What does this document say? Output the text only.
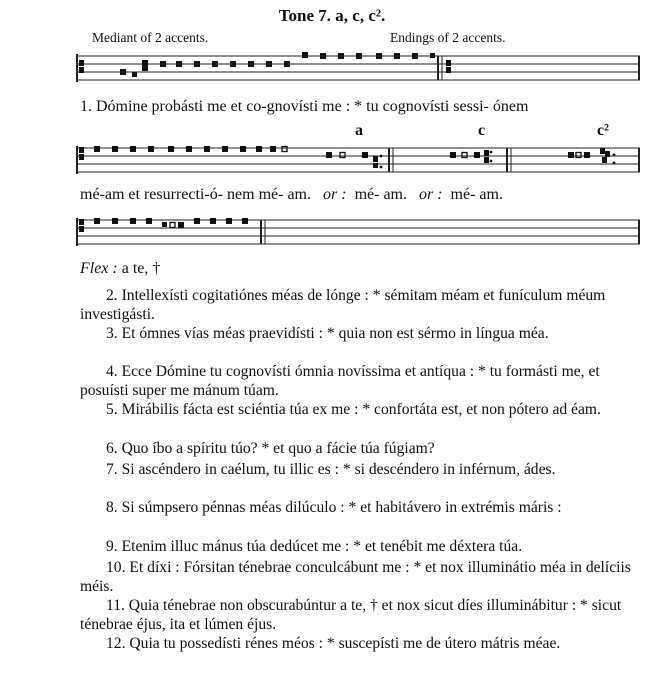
Tone 7. a, c, c².
Mediant of 2 accents.	Endings of 2 accents.
1. Dómine probásti me et co-gnovísti me : * tu cognovísti sessi- ónem
a	c	c²
mé-am et resurrecti-ó- nem mé- am. or : mé- am. or : mé- am.
Flex : a te, †
2. Intellexísti cogitatiónes méas de lónge : * sémitam méam et funículum méum investigásti.
3. Et ómnes vías méas praevidísti : * quia non est sérmo in língua méa.
4. Ecce Dómine tu cognovísti ómnia novíssima et antíqua : * tu formásti me, et posuísti super me mánum túam.
5. Mirábilis fácta est sciéntia túa ex me : * confortáta est, et non pótero ad éam.
6. Quo íbo a spíritu túo? * et quo a fácie túa fúgiam?
7. Si ascéndero in caélum, tu illic es : * si descéndero in inférnum, ádes.
8. Si súmpsero pénnas méas dilúculo : * et habitávero in extrémis máris :
9. Etenim illuc mánus túa dedúcet me : * et tenébit me déxtera túa.
10. Et díxi : Fórsitan ténebrae conculcábunt me : * et nox illuminátio méa in delíciis méis.
11. Quia ténebrae non obscurabúntur a te, † et nox sicut díes illuminábitur : * sicut ténebrae éjus, ita et lúmen éjus.
12. Quia tu possedísti rénes méos : * suscepísti me de útero mátris méae.
